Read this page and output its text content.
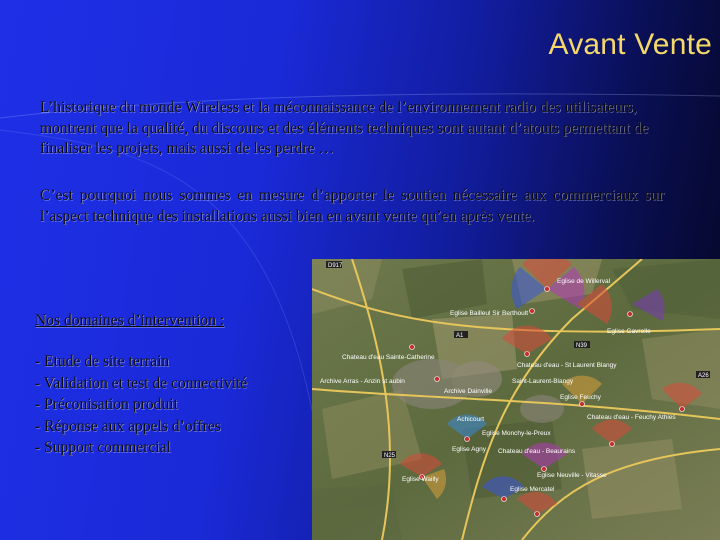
Avant Vente
L’historique du monde Wireless et la méconnaissance de l’environnement radio des utilisateurs, montrent que la qualité, du discours et des éléments techniques sont autant d’atouts permettant de finaliser les projets, mais aussi de les perdre …
C’est pourquoi nous sommes en mesure d’apporter le soutien nécessaire aux commerciaux sur l’aspect technique des installations aussi bien en avant vente qu’en après vente.
Nos domaines d’intervention :
- Etude de site terrain
- Validation et test de connectivité
- Préconisation produit
- Réponse aux appels d’offres
- Support commercial
D917
A1
N25
A26
N39
Eglise de Willerval
Eglise Bailleul Sir Berthoult
Eglise Gavrelle
Chateau d'eau Sainte-Catherine
Chateau d'eau - St Laurent Blangy
Archive Arras - Anzin st aubin
Archive Dainville
Saint-Laurent-Blangy
Eglise Feuchy
Achicourt	Chateau d'eau - Feuchy Athies
Eglise Monchy-le-Preux
Eglise Agny Chateau d'eau - Beaurains
Eglise Neuville - Vitasse
Eglise Wailly
Eglise Mercatel
